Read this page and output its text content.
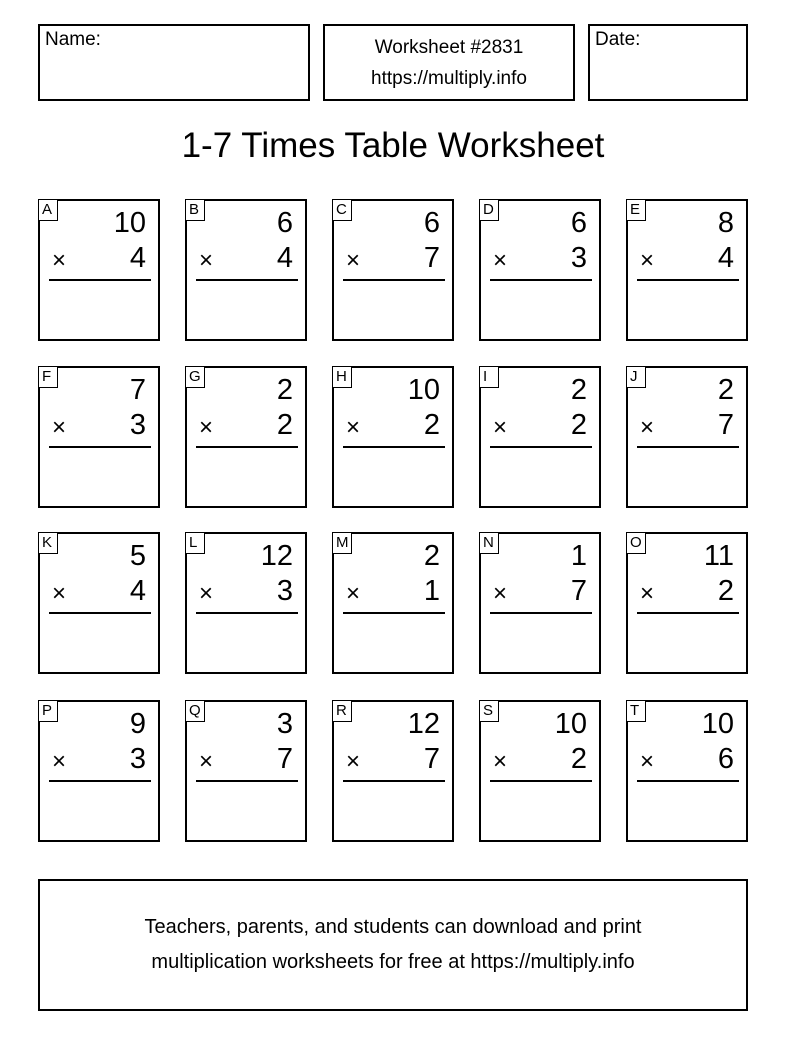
Name:	Worksheet #2831
https://multiply.info
Date:
1-7 Times Table Worksheet
A 10
× 4
B	6
× 4
C	6
× 7
D	6
× 3
E	8
× 4
F	7
× 3
G	2
× 2
H 10
× 2
I	2
× 2
J	2
× 7
K	5
× 4
L 12
× 3
M	2
× 1
N	1
× 7
O 11
× 2
P	9
× 3
Q	3
× 7
R 12
× 7
S 10
× 2
T 10
× 6
Teachers, parents, and students can download and print
multiplication worksheets for free at https://multiply.info
